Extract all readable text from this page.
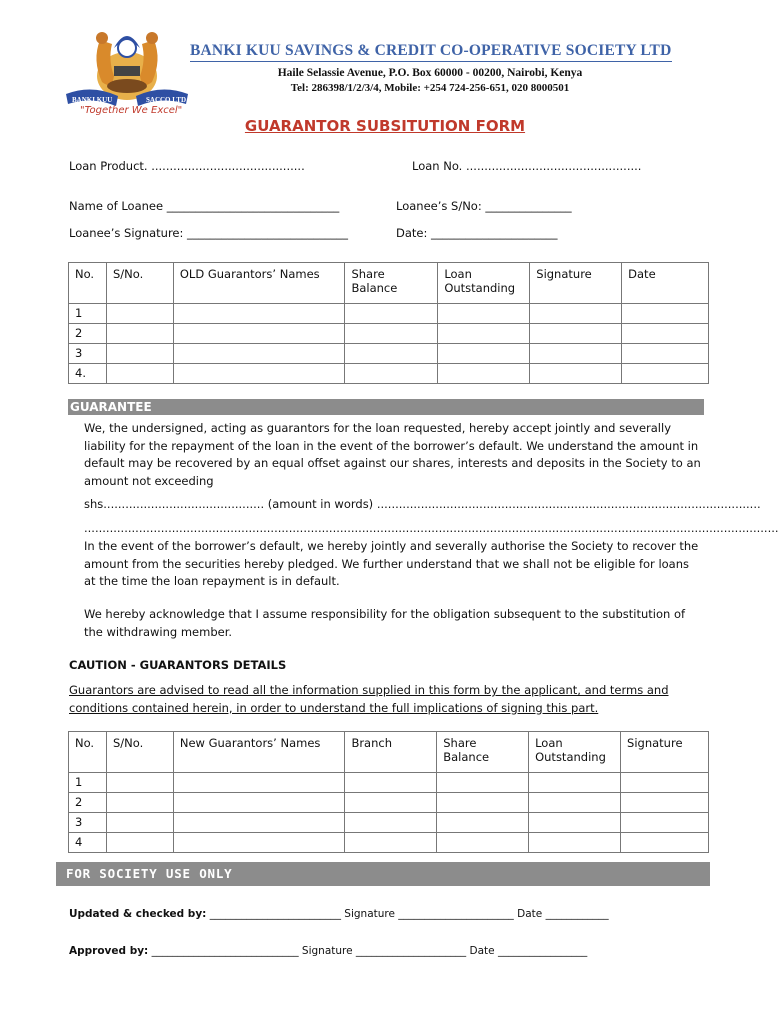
BANKI KUU	SACCO LTD
"Together We Excel"
BANKI KUU SAVINGS & CREDIT CO-OPERATIVE SOCIETY LTD
Haile Selassie Avenue, P.O. Box 60000 - 00200, Nairobi, Kenya
Tel: 286398/1/2/3/4, Mobile: +254 724-256-651, 020 8000501
GUARANTOR SUBSITUTION FORM
Loan Product. ..........................................	Loan No. ................................................
Name of Loanee ______________________________	Loanee’s S/No: _______________
Loanee’s Signature: ____________________________	Date: ______________________
No.	S/No.	OLD Guarantors’ Names	Share Balance	Loan Outstanding	Signature	Date
1						
2						
3						
4.						
GUARANTEE
We, the undersigned, acting as guarantors for the loan requested, hereby accept jointly and severally liability for the repayment of the loan in the event of the borrower’s default. We understand the amount in default may be recovered by an equal offset against our shares, interests and deposits in the Society to an amount not exceeding
shs............................................ (amount in words) .........................................................................................................
..............................................................................................................................................................................................
In the event of the borrower’s default, we hereby jointly and severally authorise the Society to recover the amount from the securities hereby pledged. We further understand that we shall not be eligible for loans at the time the loan repayment is in default.
We hereby acknowledge that I assume responsibility for the obligation subsequent to the substitution of the withdrawing member.
CAUTION - GUARANTORS DETAILS
Guarantors are advised to read all the information supplied in this form by the applicant, and terms and conditions contained herein, in order to understand the full implications of signing this part.
No.	S/No.	New Guarantors’ Names	Branch	Share Balance	Loan Outstanding	Signature
1						
2						
3						
4						
FOR SOCIETY USE ONLY
Updated & checked by: _________________________ Signature ______________________ Date ____________
Approved by: ____________________________ Signature _____________________ Date _________________
